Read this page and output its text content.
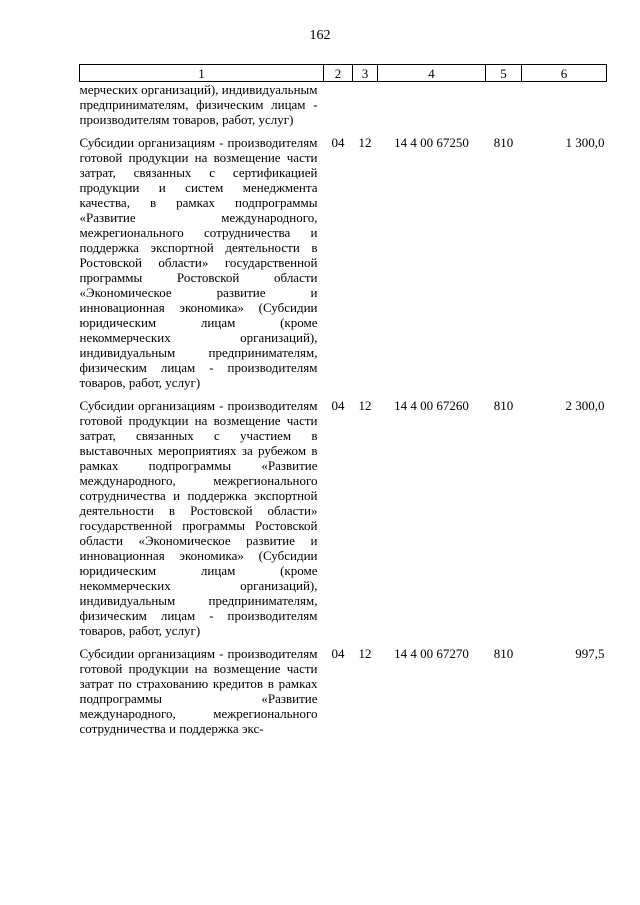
162
1	2	3	4	5	6
мерческих организаций), индивидуальным предпринимателям, физическим лицам - производителям товаров, работ, услуг)					
Субсидии организациям - производителям готовой продукции на возмещение части затрат, связанных с сертификацией продукции и систем менеджмента качества, в рамках подпрограммы «Развитие международного, межрегионального сотрудничества и поддержка экспортной деятельности в Ростовской области» государственной программы Ростовской области «Экономическое развитие и инновационная экономика» (Субсидии юридическим лицам (кроме некоммерческих организаций), индивидуальным предпринимателям, физическим лицам - производителям товаров, работ, услуг)	04	12	14 4 00 67250	810	1 300,0
Субсидии организациям - производителям готовой продукции на возмещение части затрат, связанных с участием в выставочных мероприятиях за рубежом в рамках подпрограммы «Развитие международного, межрегионального сотрудничества и поддержка экспортной деятельности в Ростовской области» государственной программы Ростовской области «Экономическое развитие и инновационная экономика» (Субсидии юридическим лицам (кроме некоммерческих организаций), индивидуальным предпринимателям, физическим лицам - производителям товаров, работ, услуг)	04	12	14 4 00 67260	810	2 300,0
Субсидии организациям - производителям готовой продукции на возмещение части затрат по страхованию кредитов в рамках подпрограммы «Развитие международного, межрегионального сотрудничества и поддержка экс-	04	12	14 4 00 67270	810	997,5
